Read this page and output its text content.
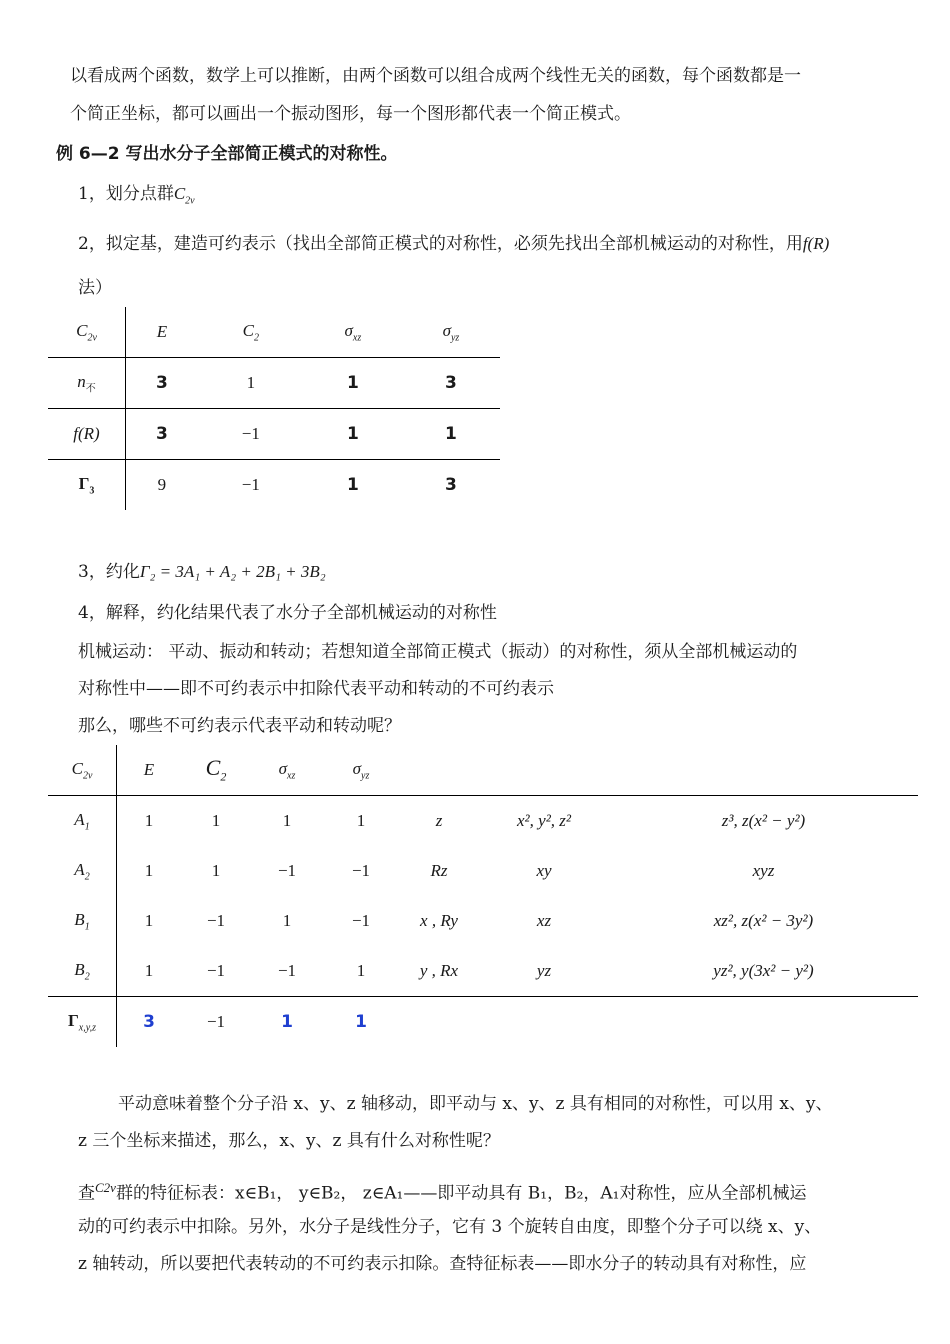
以看成两个函数，数学上可以推断，由两个函数可以组合成两个线性无关的函数，每个函数都是一
个简正坐标，都可以画出一个振动图形，每一个图形都代表一个简正模式。
例 6—2 写出水分子全部简正模式的对称性。
1，划分点群$C_{2v}$
2，拟定基，建造可约表示（找出全部简正模式的对称性，必须先找出全部机械运动的对称性，用f(R)
法）
$C_{2v}$	E	$C_2$	$\sigma_{xz}$	$\sigma_{yz}$
$n_不$	3	1	1	3
f(R)	3	−1	1	1
$\Gamma_3$	9	−1	1	3
3，约化Γ₂ = 3A₁ + A₂ + 2B₁ + 3B₂
4，解释，约化结果代表了水分子全部机械运动的对称性
机械运动： 平动、振动和转动；若想知道全部简正模式（振动）的对称性，须从全部机械运动的
对称性中——即不可约表示中扣除代表平动和转动的不可约表示
那么，哪些不可约表示代表平动和转动呢？
$C_{2v}$	E	$C_2$	$\sigma_{xz}$	$\sigma_{yz}$			
$A_1$	1	1	1	1	z	x², y², z²	z³, z(x² − y²)
$A_2$	1	1	−1	−1	Rz	xy	xyz
$B_1$	1	−1	1	−1	x , Ry	xz	xz², z(x² − 3y²)
$B_2$	1	−1	−1	1	y , Rx	yz	yz², y(3x² − y²)
$\Gamma_{x,y,z}$	3	−1	1	1			
平动意味着整个分子沿 x、y、z 轴移动，即平动与 x、y、z 具有相同的对称性，可以用 x、y、
z 三个坐标来描述，那么，x、y、z 具有什么对称性呢？
查$^{C2v}$群的特征标表：x∈B₁， y∈B₂， z∈A₁——即平动具有 B₁，B₂，A₁对称性，应从全部机械运
动的可约表示中扣除。另外，水分子是线性分子，它有 3 个旋转自由度，即整个分子可以绕 x、y、
z 轴转动，所以要把代表转动的不可约表示扣除。查特征标表——即水分子的转动具有对称性，应
